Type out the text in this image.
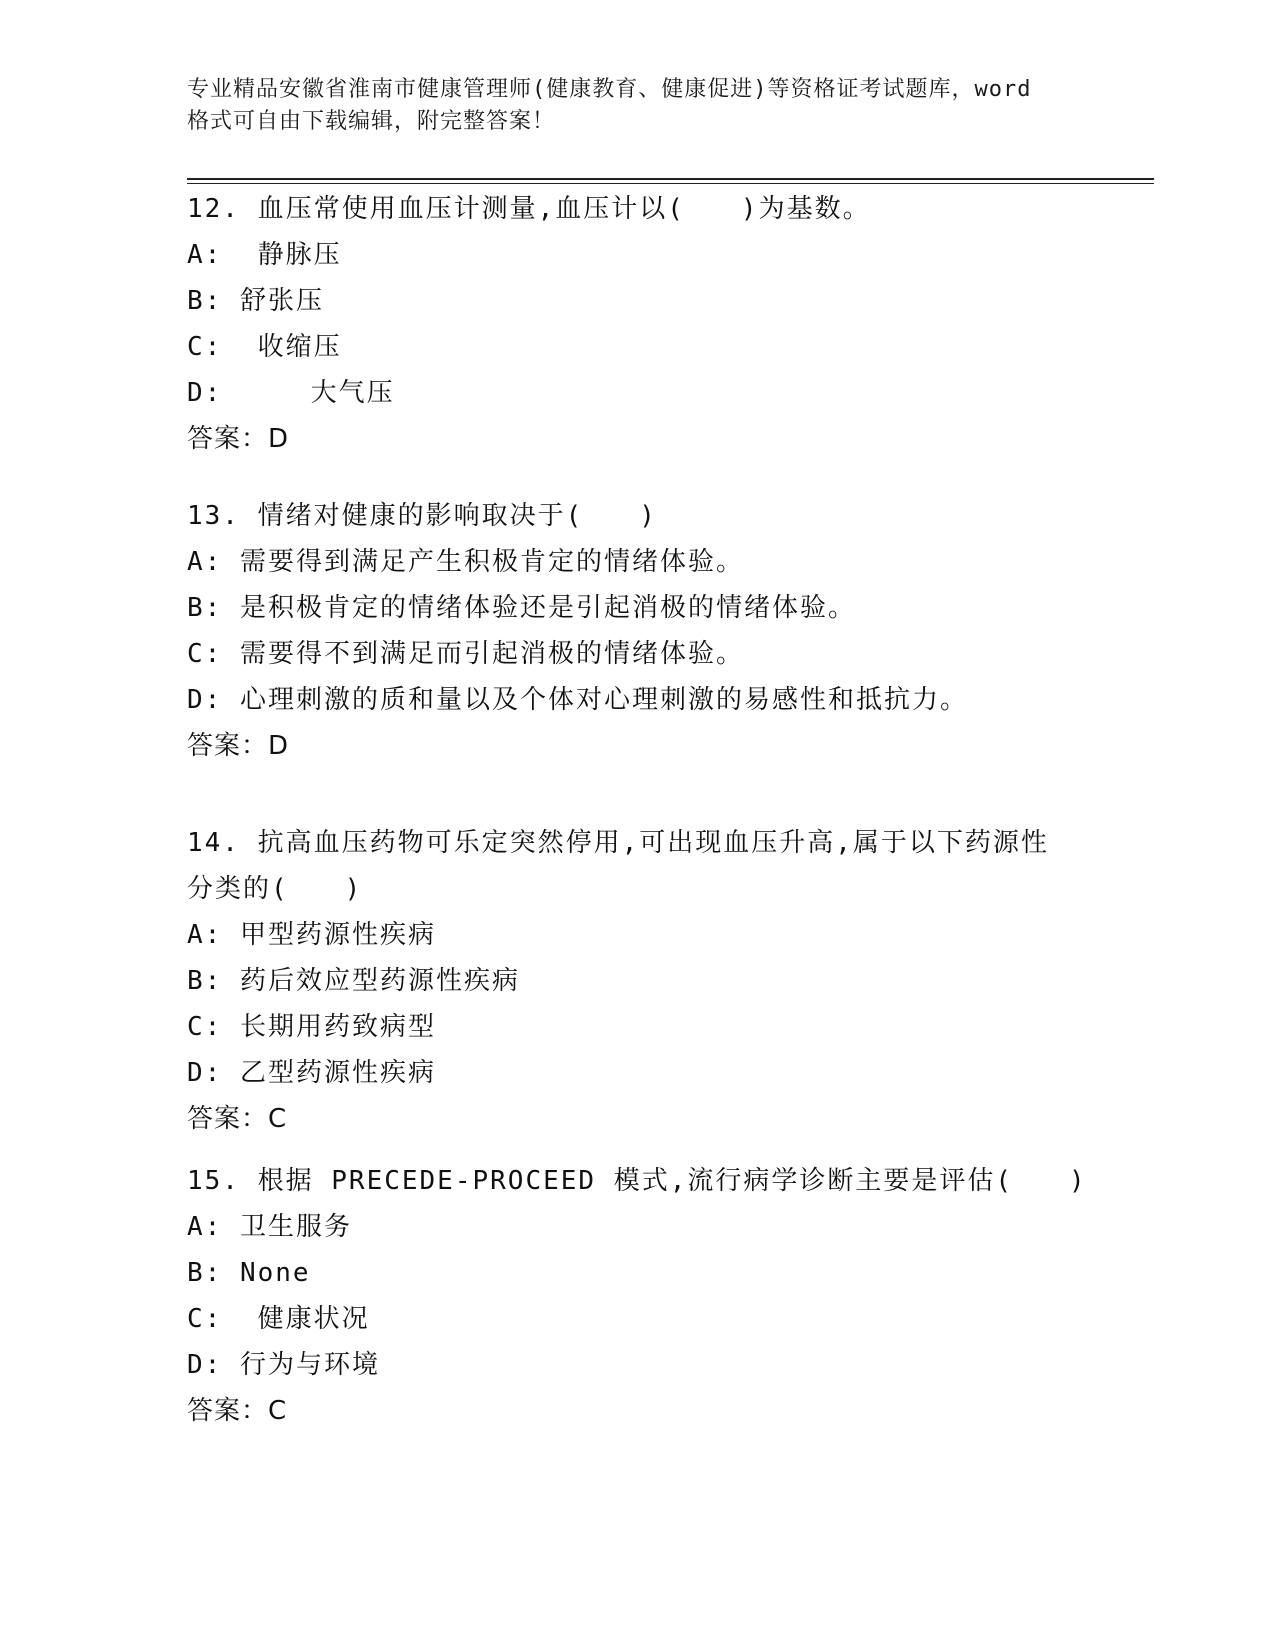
专业精品安徽省淮南市健康管理师(健康教育、健康促进)等资格证考试题库，word
格式可自由下载编辑，附完整答案！
12. 血压常使用血压计测量,血压计以(　　)为基数。
A:  静脉压
B: 舒张压
C:  收缩压
D:     大气压
答案：D
13. 情绪对健康的影响取决于(　　)
A: 需要得到满足产生积极肯定的情绪体验。
B: 是积极肯定的情绪体验还是引起消极的情绪体验。
C: 需要得不到满足而引起消极的情绪体验。
D: 心理刺激的质和量以及个体对心理刺激的易感性和抵抗力。
答案：D
14. 抗高血压药物可乐定突然停用,可出现血压升高,属于以下药源性分类的(　　)
A: 甲型药源性疾病
B: 药后效应型药源性疾病
C: 长期用药致病型
D: 乙型药源性疾病
答案：C
15. 根据 PRECEDE-PROCEED 模式,流行病学诊断主要是评估(　　)
A: 卫生服务
B: None
C:  健康状况
D: 行为与环境
答案：C
